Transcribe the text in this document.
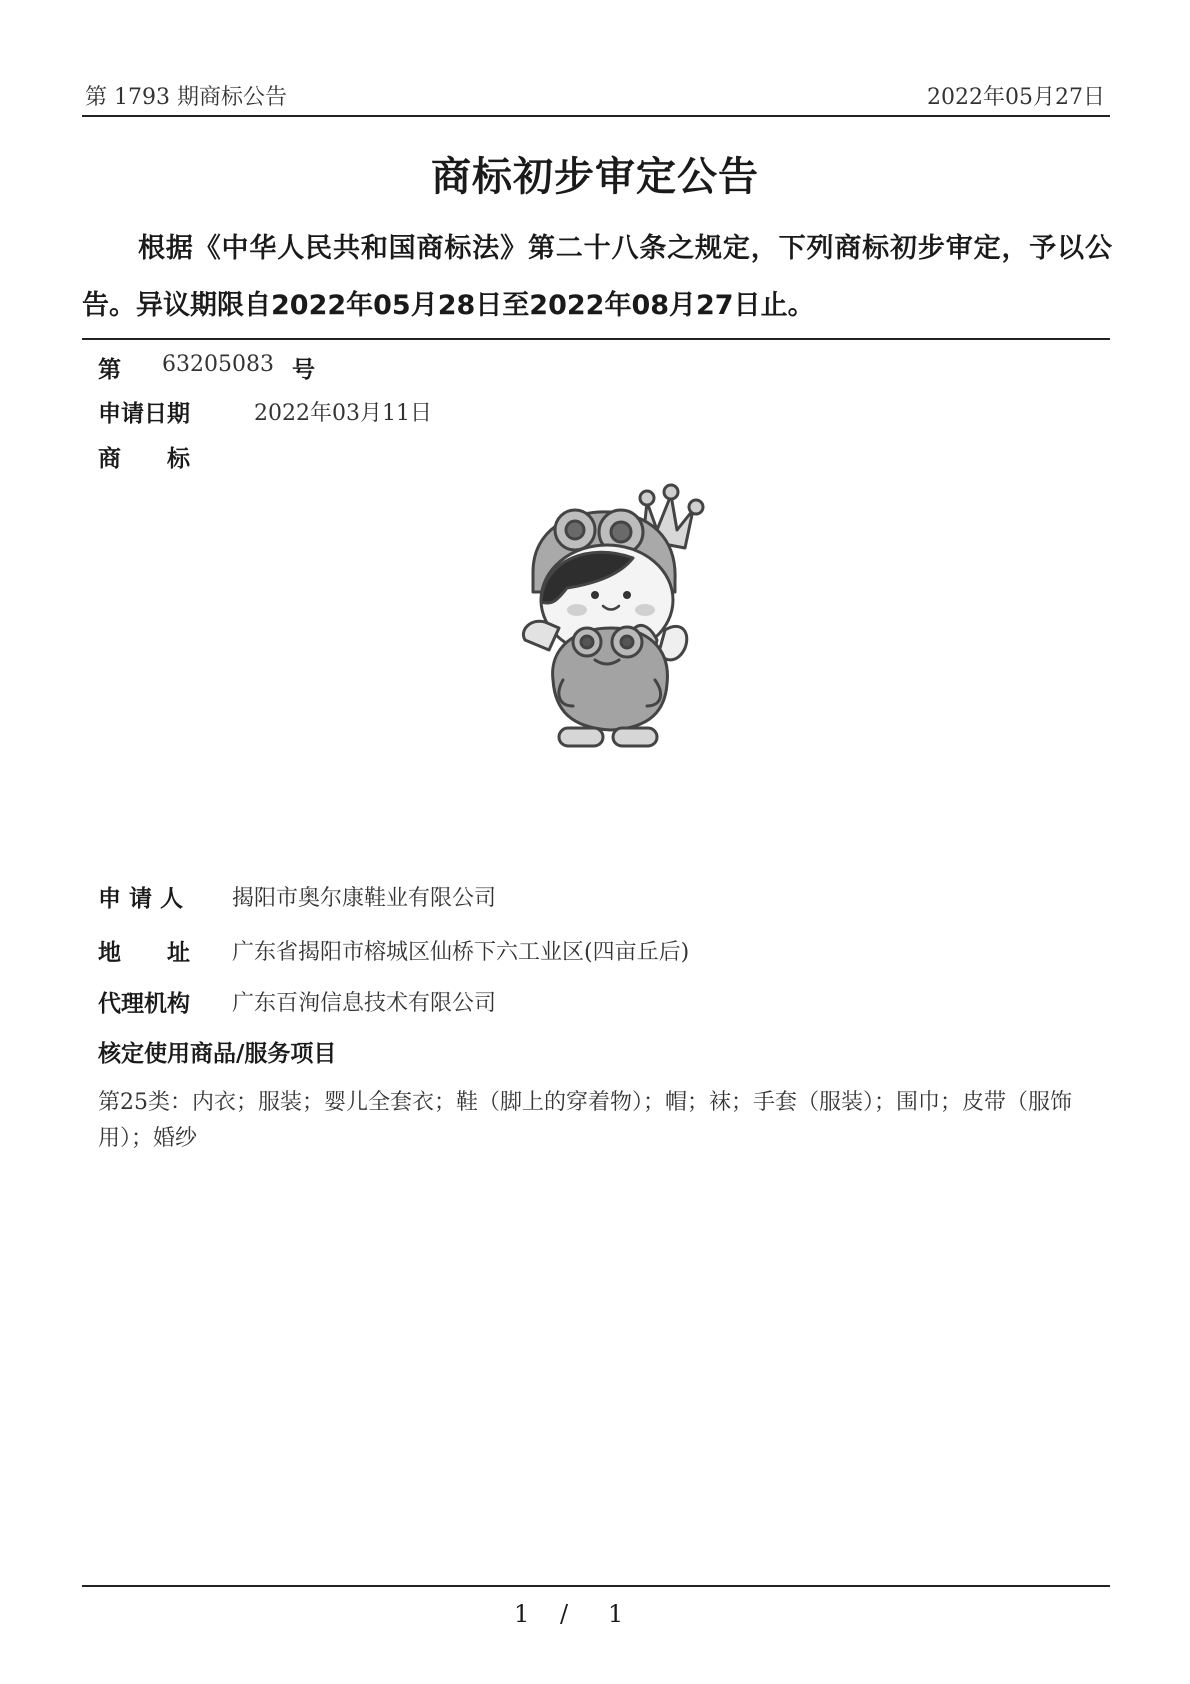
第 1793 期商标公告	2022年05月27日
商标初步审定公告
根据《中华人民共和国商标法》第二十八条之规定，下列商标初步审定，予以公告。异议期限自2022年05月28日至2022年08月27日止。
第 63205083 号
申请日期	2022年03月11日
商　　标
申 请 人 揭阳市奥尔康鞋业有限公司
地　　址 广东省揭阳市榕城区仙桥下六工业区(四亩丘后)
代理机构 广东百洵信息技术有限公司
核定使用商品/服务项目
第25类：内衣；服装；婴儿全套衣；鞋（脚上的穿着物）；帽；袜；手套（服装）；围巾；皮带（服饰用）；婚纱
1 / 1
